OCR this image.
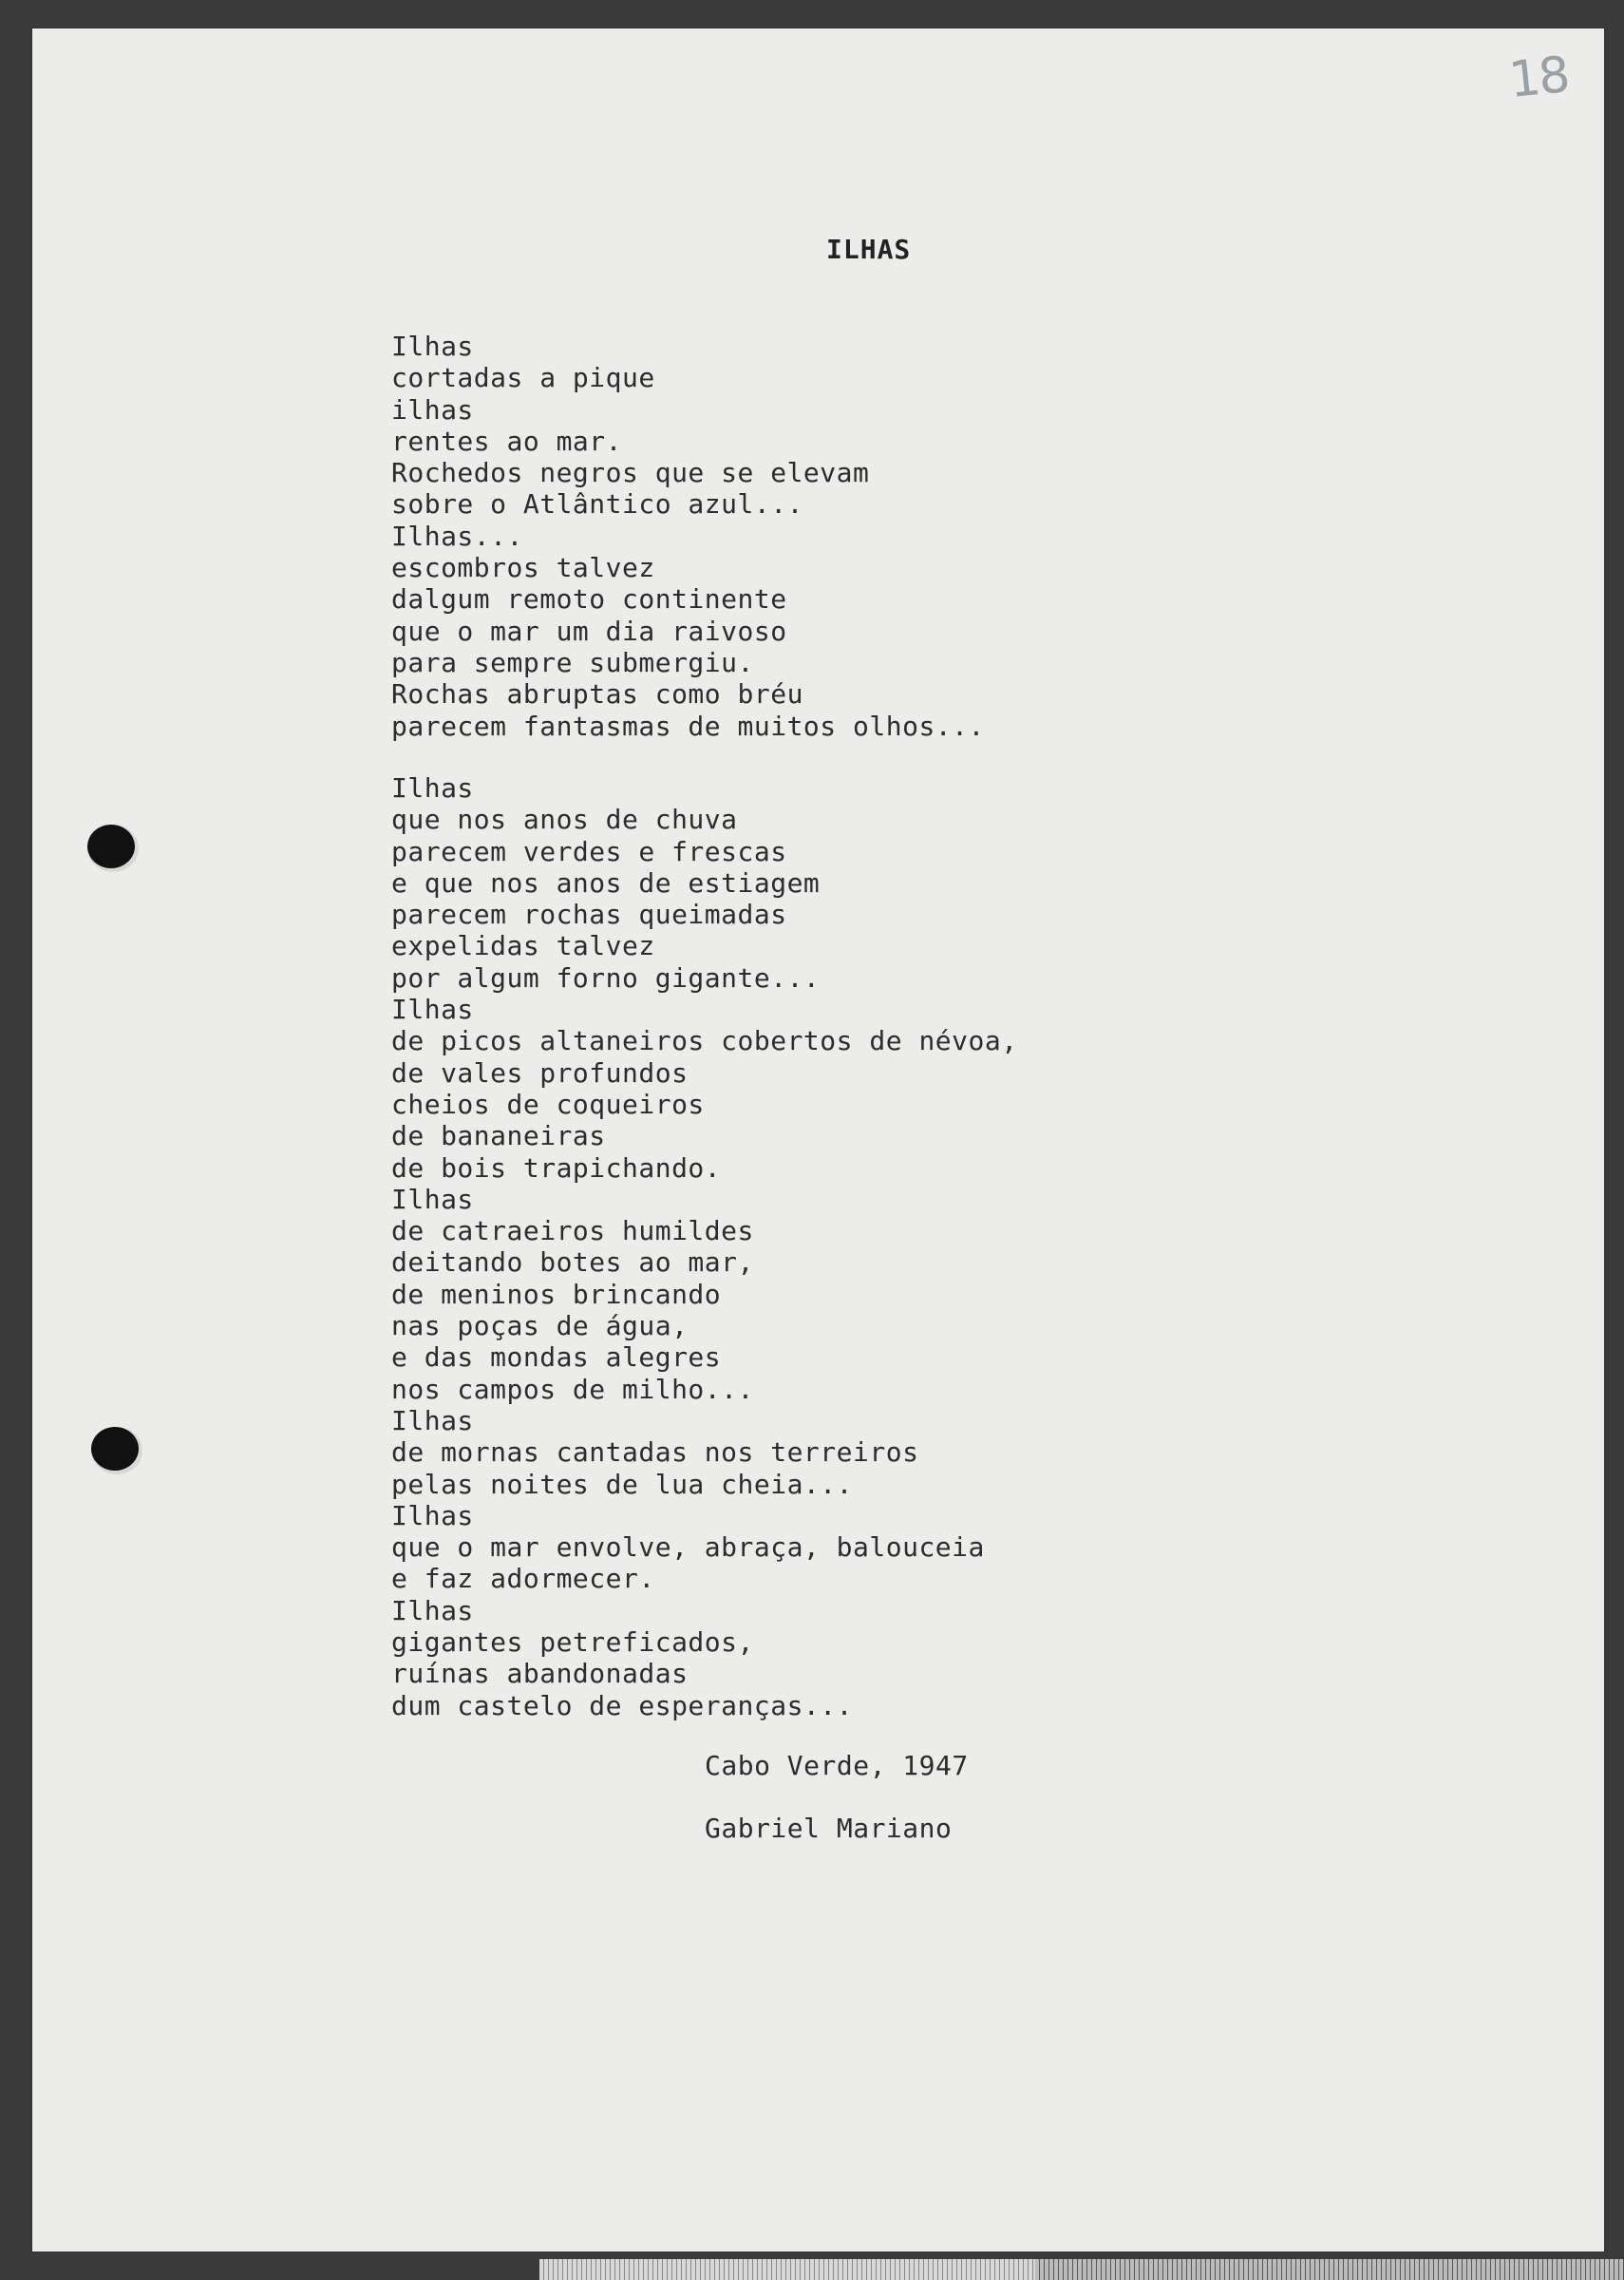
18
ILHAS
Ilhas
cortadas a pique
ilhas
rentes ao mar.
Rochedos negros que se elevam
sobre o Atlântico azul...
Ilhas...
escombros talvez
dalgum remoto continente
que o mar um dia raivoso
para sempre submergiu.
Rochas abruptas como bréu
parecem fantasmas de muitos olhos...
Ilhas
que nos anos de chuva
parecem verdes e frescas
e que nos anos de estiagem
parecem rochas queimadas
expelidas talvez
por algum forno gigante...
Ilhas
de picos altaneiros cobertos de névoa,
de vales profundos
cheios de coqueiros
de bananeiras
de bois trapichando.
Ilhas
de catraeiros humildes
deitando botes ao mar,
de meninos brincando
nas poças de água,
e das mondas alegres
nos campos de milho...
Ilhas
de mornas cantadas nos terreiros
pelas noites de lua cheia...
Ilhas
que o mar envolve, abraça, balouceia
e faz adormecer.
Ilhas
gigantes petreficados,
ruínas abandonadas
dum castelo de esperanças...
Cabo Verde, 1947
Gabriel Mariano
